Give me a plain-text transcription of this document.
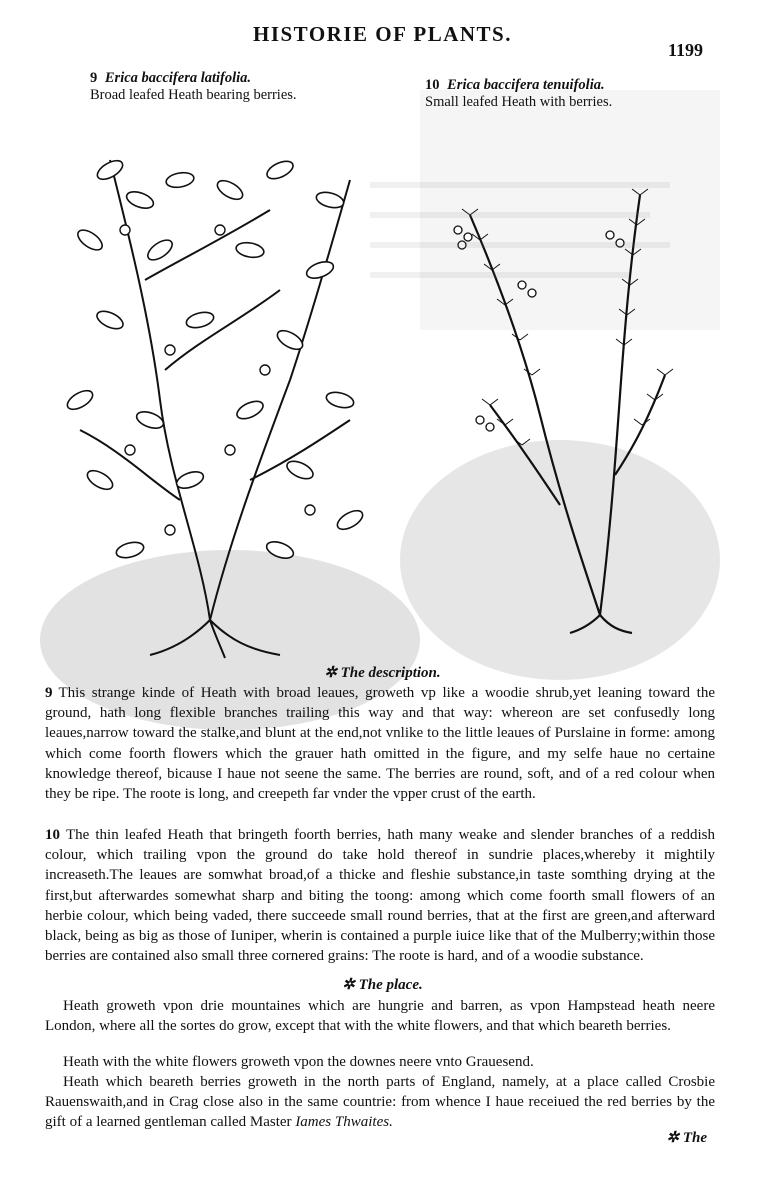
HISTORIE OF PLANTS.
1199
9 Erica baccifera latifolia.
Broad leafed Heath bearing berries.
10 Erica baccifera tenuifolia.
Small leafed Heath with berries.
✲ The description.
9 This strange kinde of Heath with broad leaues, groweth vp like a woodie shrub,yet leaning toward the ground, hath long flexible branches trailing this way and that way: whereon are set confusedly long leaues,narrow toward the stalke,and blunt at the end,not vnlike to the little leaues of Purslaine in forme: among which come foorth flowers which the grauer hath omitted in the figure, and my selfe haue no certaine knowledge thereof, bicause I haue not seene the same. The berries are round, soft, and of a red colour when they be ripe. The roote is long, and creepeth far vnder the vpper crust of the earth.
10 The thin leafed Heath that bringeth foorth berries, hath many weake and slender branches of a reddish colour, which trailing vpon the ground do take hold thereof in sundrie places,whereby it mightily increaseth.The leaues are somwhat broad,of a thicke and fleshie substance,in taste somthing drying at the first,but afterwardes somewhat sharp and biting the toong: among which come foorth small flowers of an herbie colour, which being vaded, there succeede small round berries, that at the first are green,and afterward black, being as big as those of Iuniper, wherin is contained a purple iuice like that of the Mulberry;within those berries are contained also small three cornered grains: The roote is hard, and of a woodie substance.
✲ The place.
Heath groweth vpon drie mountaines which are hungrie and barren, as vpon Hampstead heath neere London, where all the sortes do grow, except that with the white flowers, and that which beareth berries.
Heath with the white flowers groweth vpon the downes neere vnto Grauesend.
Heath which beareth berries groweth in the north parts of England, namely, at a place called Crosbie Rauenswaith,and in Crag close also in the same countrie: from whence I haue receiued the red berries by the gift of a learned gentleman called Master Iames Thwaites.
✲ The
